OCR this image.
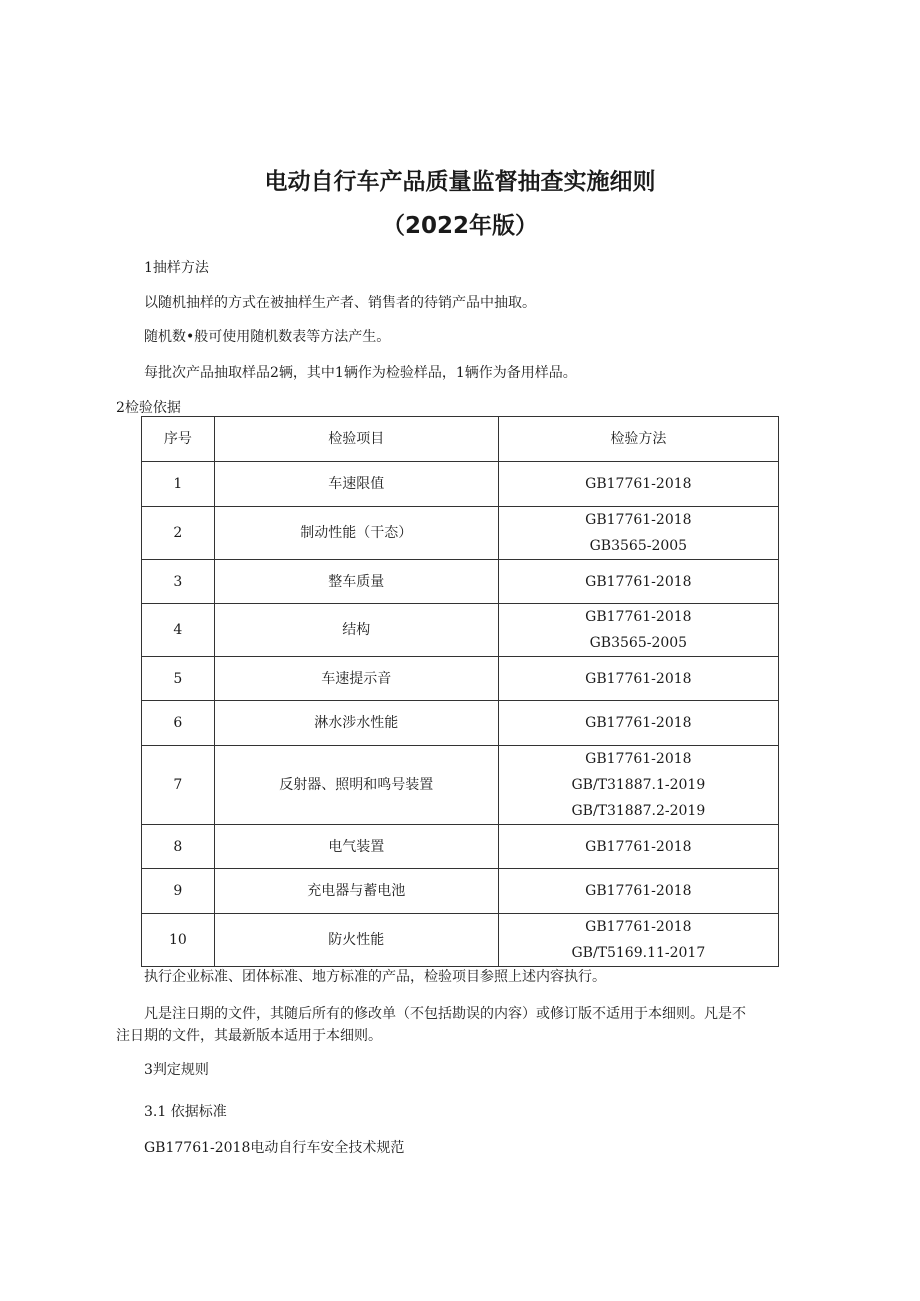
电动自行车产品质量监督抽查实施细则
（2022年版）
1抽样方法
以随机抽样的方式在被抽样生产者、销售者的待销产品中抽取。
随机数•般可使用随机数表等方法产生。
每批次产品抽取样品2辆，其中1辆作为检验样品，1辆作为备用样品。
2检验依据
序号	检验项目	检验方法
1	车速限值	GB17761-2018

2	制动性能（干态）	GB17761-2018
GB3565-2005

3	整车质量	GB17761-2018

4	结构	GB17761-2018
GB3565-2005

5	车速提示音	GB17761-2018

6	淋水涉水性能	GB17761-2018

7	反射器、照明和鸣号装置	GB17761-2018
GB/T31887.1-2019
GB/T31887.2-2019

8	电气装置	GB17761-2018

9	充电器与蓄电池	GB17761-2018

10	防火性能	GB17761-2018
GB/T5169.11-2017
执行企业标准、团体标准、地方标准的产品，检验项目参照上述内容执行。
凡是注日期的文件，其随后所有的修改单（不包括勘误的内容）或修订版不适用于本细则。凡是不
注日期的文件，其最新版本适用于本细则。
3判定规则
3.1 依据标准
GB17761-2018电动自行车安全技术规范
